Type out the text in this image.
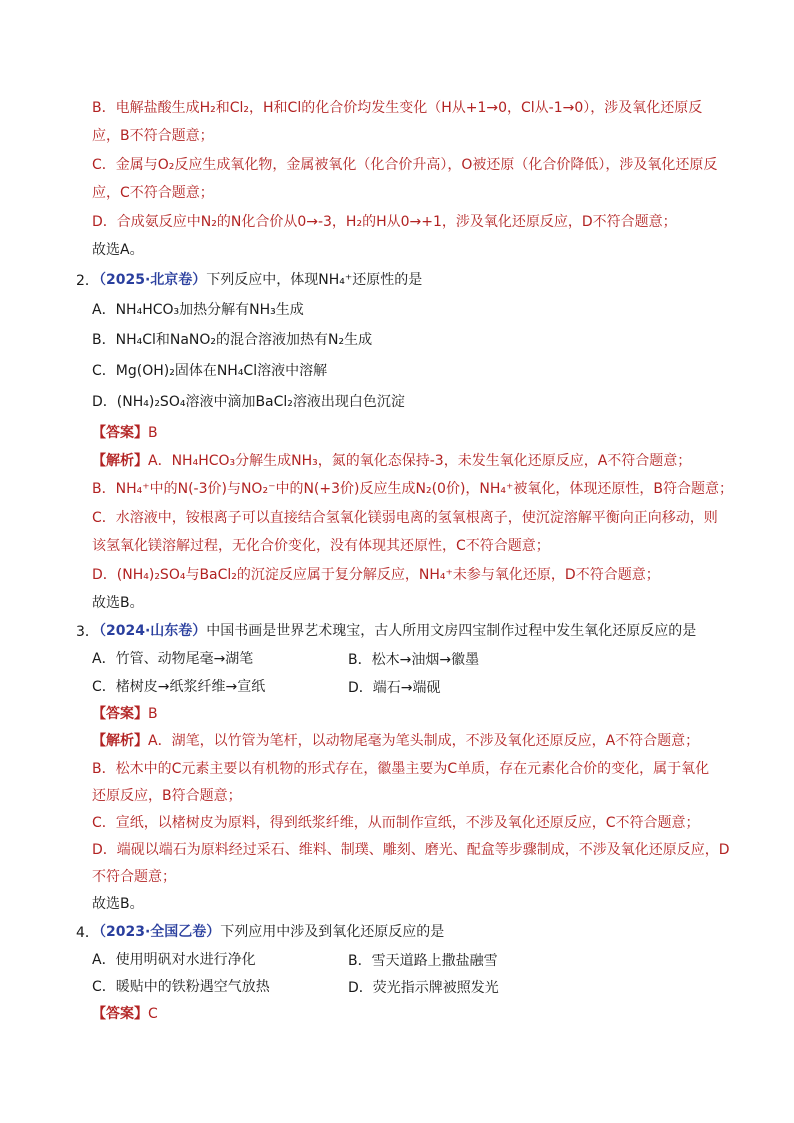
B．电解盐酸生成H₂和Cl₂，H和Cl的化合价均发生变化（H从+1→0，Cl从-1→0），涉及氧化还原反
应，B不符合题意；
C．金属与O₂反应生成氧化物，金属被氧化（化合价升高），O被还原（化合价降低），涉及氧化还原反
应，C不符合题意；
D．合成氨反应中N₂的N化合价从0→-3，H₂的H从0→+1，涉及氧化还原反应，D不符合题意；
故选A。
2．
（2025·北京卷）下列反应中，体现NH₄⁺还原性的是
A．NH₄HCO₃加热分解有NH₃生成
B．NH₄Cl和NaNO₂的混合溶液加热有N₂生成
C．Mg(OH)₂固体在NH₄Cl溶液中溶解
D．(NH₄)₂SO₄溶液中滴加BaCl₂溶液出现白色沉淀
【答案】B
【解析】A．NH₄HCO₃分解生成NH₃，氮的氧化态保持-3，未发生氧化还原反应，A不符合题意；
B．NH₄⁺中的N(-3价)与NO₂⁻中的N(+3价)反应生成N₂(0价)，NH₄⁺被氧化，体现还原性，B符合题意；
C．水溶液中，铵根离子可以直接结合氢氧化镁弱电离的氢氧根离子，使沉淀溶解平衡向正向移动，则
该氢氧化镁溶解过程，无化合价变化，没有体现其还原性，C不符合题意；
D．(NH₄)₂SO₄与BaCl₂的沉淀反应属于复分解反应，NH₄⁺未参与氧化还原，D不符合题意；
故选B。
3．
（2024·山东卷）中国书画是世界艺术瑰宝，古人所用文房四宝制作过程中发生氧化还原反应的是
A．竹管、动物尾毫→湖笔	B．松木→油烟→徽墨
C．楮树皮→纸浆纤维→宣纸	D．端石→端砚
【答案】B
【解析】A．湖笔，以竹管为笔杆，以动物尾毫为笔头制成，不涉及氧化还原反应，A不符合题意；
B．松木中的C元素主要以有机物的形式存在，徽墨主要为C单质，存在元素化合价的变化，属于氧化
还原反应，B符合题意；
C．宣纸，以楮树皮为原料，得到纸浆纤维，从而制作宣纸，不涉及氧化还原反应，C不符合题意；
D．端砚以端石为原料经过采石、维料、制璞、雕刻、磨光、配盒等步骤制成，不涉及氧化还原反应，D
不符合题意；
故选B。
4．
（2023·全国乙卷）下列应用中涉及到氧化还原反应的是
A．使用明矾对水进行净化	B．雪天道路上撒盐融雪
C．暖贴中的铁粉遇空气放热	D．荧光指示牌被照发光
【答案】C
